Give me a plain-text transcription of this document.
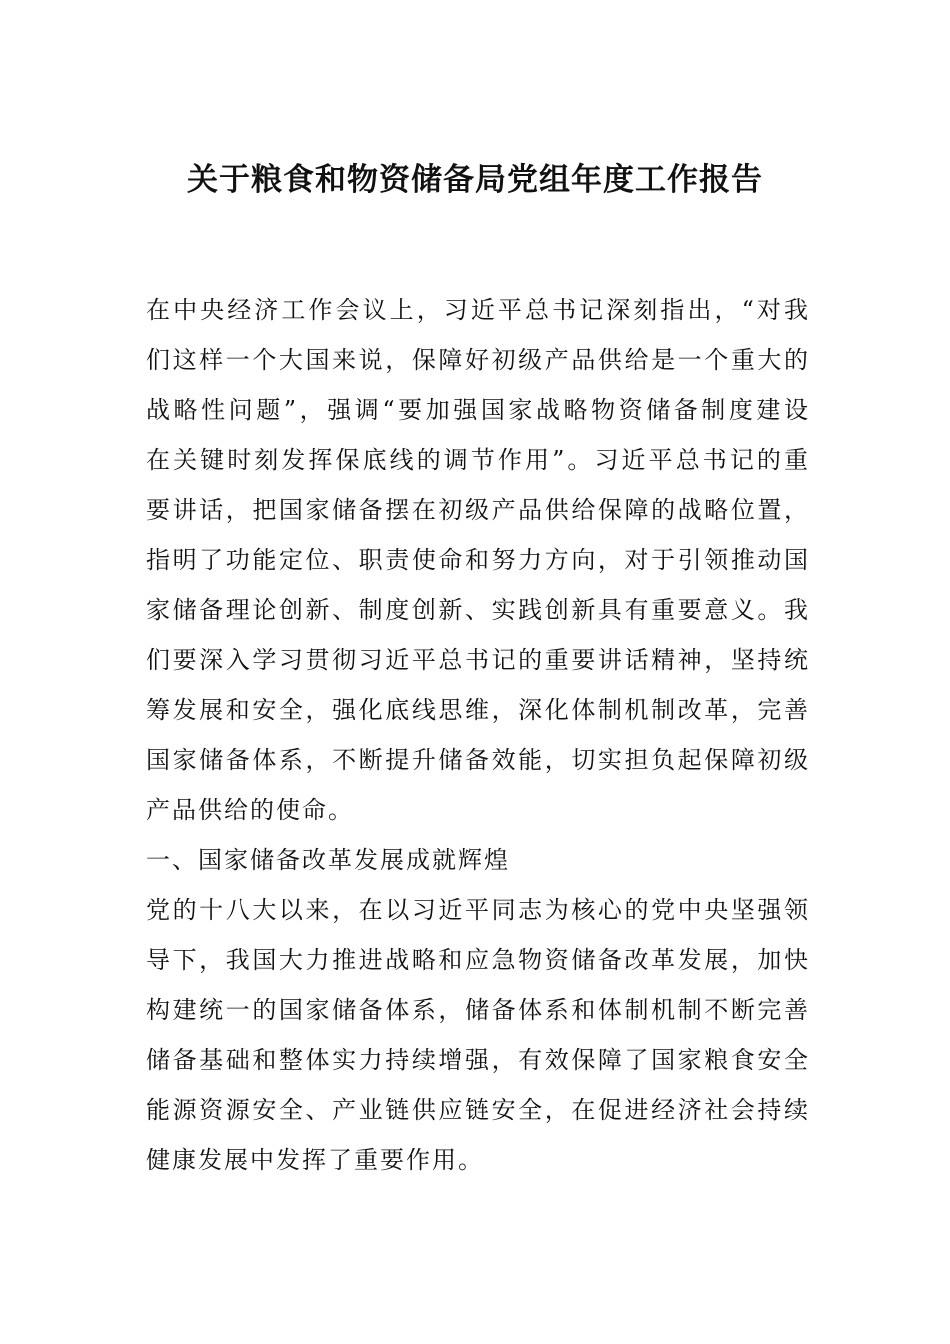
关于粮食和物资储备局党组年度工作报告
在中央经济工作会议上，习近平总书记深刻指出，“对我
们这样一个大国来说，保障好初级产品供给是一个重大的
战略性问题”，强调“要加强国家战略物资储备制度建设
在关键时刻发挥保底线的调节作用”。习近平总书记的重
要讲话，把国家储备摆在初级产品供给保障的战略位置，
指明了功能定位、职责使命和努力方向，对于引领推动国
家储备理论创新、制度创新、实践创新具有重要意义。我
们要深入学习贯彻习近平总书记的重要讲话精神，坚持统
筹发展和安全，强化底线思维，深化体制机制改革，完善
国家储备体系，不断提升储备效能，切实担负起保障初级
产品供给的使命。
一、国家储备改革发展成就辉煌
党的十八大以来，在以习近平同志为核心的党中央坚强领
导下，我国大力推进战略和应急物资储备改革发展，加快
构建统一的国家储备体系，储备体系和体制机制不断完善
储备基础和整体实力持续增强，有效保障了国家粮食安全
能源资源安全、产业链供应链安全，在促进经济社会持续
健康发展中发挥了重要作用。
